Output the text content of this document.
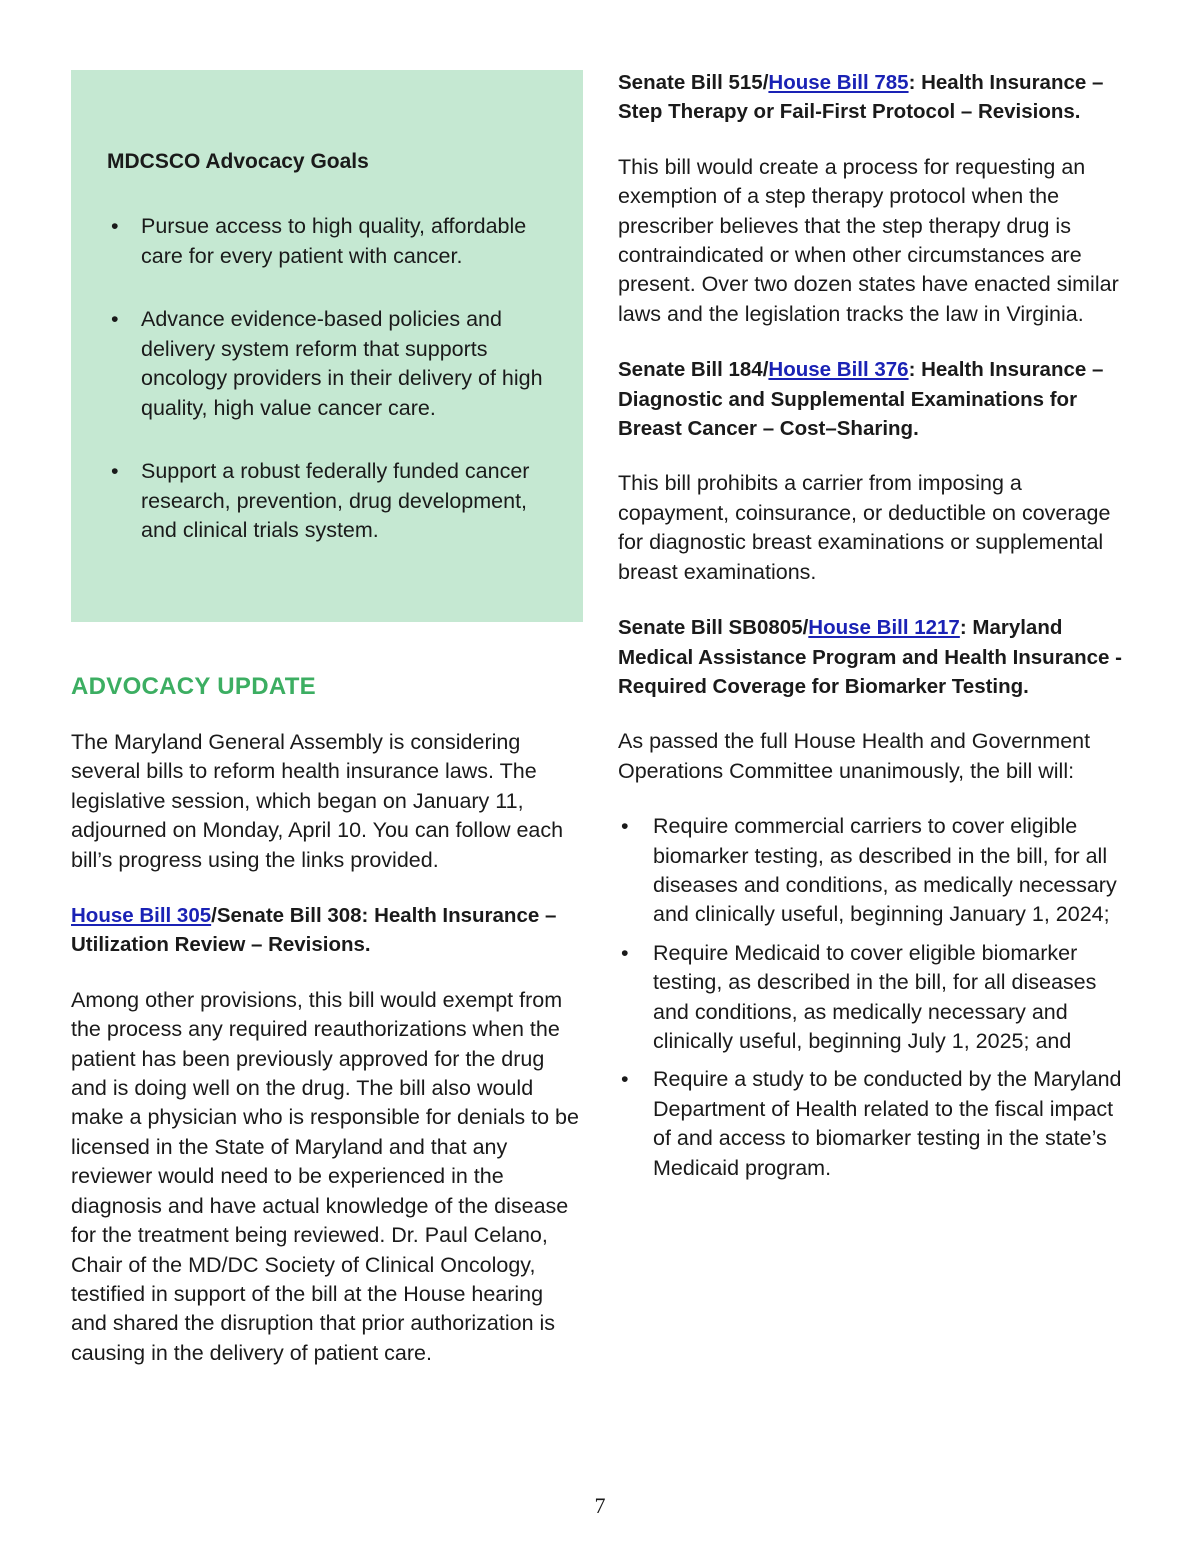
MDCSCO Advocacy Goals
• Pursue access to high quality, affordable care for every patient with cancer.
• Advance evidence-based policies and delivery system reform that supports oncology providers in their delivery of high quality, high value cancer care.
• Support a robust federally funded cancer research, prevention, drug development, and clinical trials system.
ADVOCACY UPDATE

The Maryland General Assembly is considering several bills to reform health insurance laws. The legislative session, which began on January 11, adjourned on Monday, April 10. You can follow each bill’s progress using the links provided.

House Bill 305/Senate Bill 308: Health Insurance – Utilization Review – Revisions.

Among other provisions, this bill would exempt from the process any required reauthorizations when the patient has been previously approved for the drug and is doing well on the drug. The bill also would make a physician who is responsible for denials to be licensed in the State of Maryland and that any reviewer would need to be experienced in the diagnosis and have actual knowledge of the disease for the treatment being reviewed. Dr. Paul Celano, Chair of the MD/DC Society of Clinical Oncology, testified in support of the bill at the House hearing and shared the disruption that prior authorization is causing in the delivery of patient care.

Senate Bill 515/House Bill 785: Health Insurance – Step Therapy or Fail-First Protocol – Revisions.

This bill would create a process for requesting an exemption of a step therapy protocol when the prescriber believes that the step therapy drug is contraindicated or when other circumstances are present. Over two dozen states have enacted similar laws and the legislation tracks the law in Virginia.

Senate Bill 184/House Bill 376: Health Insurance – Diagnostic and Supplemental Examinations for Breast Cancer – Cost–Sharing.

This bill prohibits a carrier from imposing a copayment, coinsurance, or deductible on coverage for diagnostic breast examinations or supplemental breast examinations.

Senate Bill SB0805/House Bill 1217: Maryland Medical Assistance Program and Health Insurance - Required Coverage for Biomarker Testing.

As passed the full House Health and Government Operations Committee unanimously, the bill will:

• Require commercial carriers to cover eligible biomarker testing, as described in the bill, for all diseases and conditions, as medically necessary and clinically useful, beginning January 1, 2024;
• Require Medicaid to cover eligible biomarker testing, as described in the bill, for all diseases and conditions, as medically necessary and clinically useful, beginning July 1, 2025; and
• Require a study to be conducted by the Maryland Department of Health related to the fiscal impact of and access to biomarker testing in the state’s Medicaid program.
7
